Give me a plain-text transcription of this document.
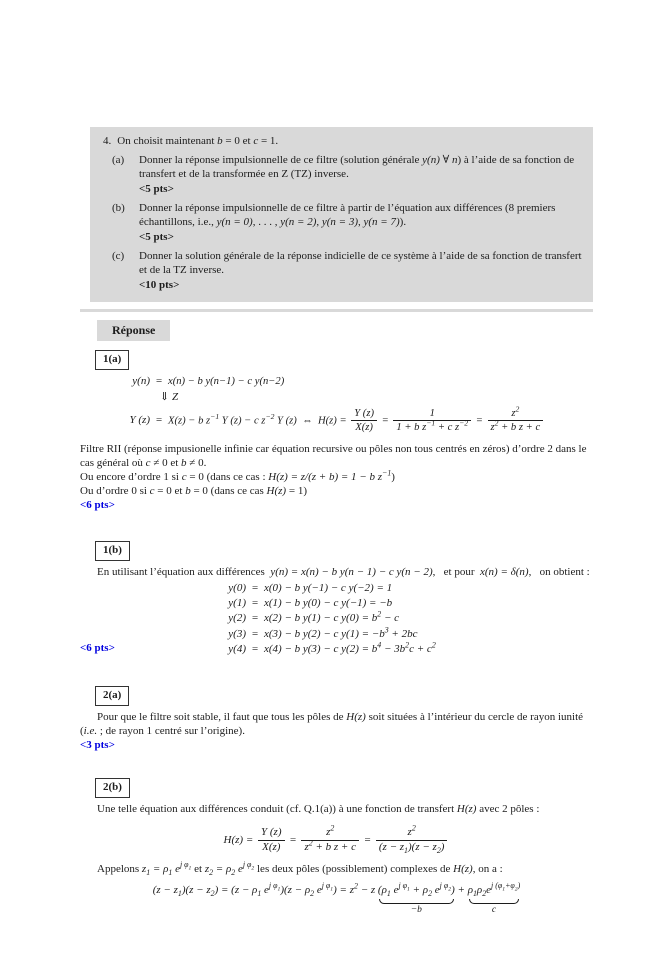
4. On choisit maintenant b = 0 et c = 1.
(a)	Donner la réponse impulsionnelle de ce filtre (solution générale y(n) ∀ n) à l’aide de sa fonction de transfert et de la transformée en Z (TZ) inverse.
<5 pts>
(b)	Donner la réponse impulsionnelle de ce filtre à partir de l’équation aux différences (8 premiers échantillons, i.e., y(n = 0), . . . , y(n = 2), y(n = 3), y(n = 7)).
<5 pts>
(c)	Donner la solution générale de la réponse indicielle de ce système à l’aide de sa fonction de transfert et de la TZ inverse.
<10 pts>
Réponse
1(a)
y(n) = x(n) − b y(n−1) − c y(n−2)
⇓ Z
Y (z) = X(z) − b $z^{-1}$ Y (z) − c $z^{-2}$ Y (z) ⇔ $H(z) = \frac{Y (z)}{X(z)} = \frac{1}{1 + b z^{-1} + c z^{-2}} = \frac{z^2}{z^2 + b z + c}$

Filtre RII (réponse impusionelle infinie car équation recursive ou pôles non tous centrés en zéros) d’ordre 2 dans le cas général où c ≠ 0 et b ≠ 0.
Ou encore d’ordre 1 si c = 0 (dans ce cas : H(z) = z/(z + b) = 1 − b $z^{-1}$)
Ou d’ordre 0 si c = 0 et b = 0 (dans ce cas H(z) = 1)
<6 pts>

1(b)

En utilisant l’équation aux différences y(n) = x(n) − b y(n − 1) − c y(n − 2),  et pour x(n) = δ(n),  on obtient :

y(0) = x(0) − b y(−1) − c y(−2) = 1
y(1) = x(1) − b y(0) − c y(−1) = −b
y(2) = x(2) − b y(1) − c $y(0) = b^2 - c$
y(3) = x(3) − b y(2) − c $y(1) = -b^3 + 2bc$
y(4) = x(4) − b y(3) − c $y(2) = b^4 - 3b^2c + c^2$
<6 pts>
2(a)

Pour que le filtre soit stable, il faut que tous les pôles de H(z) soit situées à l’intérieur du cercle de rayon iunité (i.e. ; de rayon 1 centré sur l’origine).
<3 pts>

2(b)

Une telle équation aux différences conduit (cf. Q.1(a)) à une fonction de transfert H(z) avec 2 pôles :

$H(z) = \frac{Y (z)}{X(z)} = \frac{z^2}{z^2 + b z + c} = \frac{z^2}{(z - z_1)(z - z_2)}$

Appelons $z_1 = \rho_1$ $e^{j \varphi_1}$ et $z_2 = \rho_2$ $e^{j \varphi_2}$ les deux pôles (possiblement) complexes de H(z), on a :

$(z - z_1)(z - z_2) = (z - \rho_1$ $e^{j \varphi_1})(z - \rho_2$ $e^{j \varphi_1}) = z^2 - z$ ($\rho_1$ $e^{j \varphi_1} + \rho_2$ $e^{j \varphi_2}$)
−b
+ $\rho_1\rho_2e^{j (\varphi_1+\varphi_2)}$
c
